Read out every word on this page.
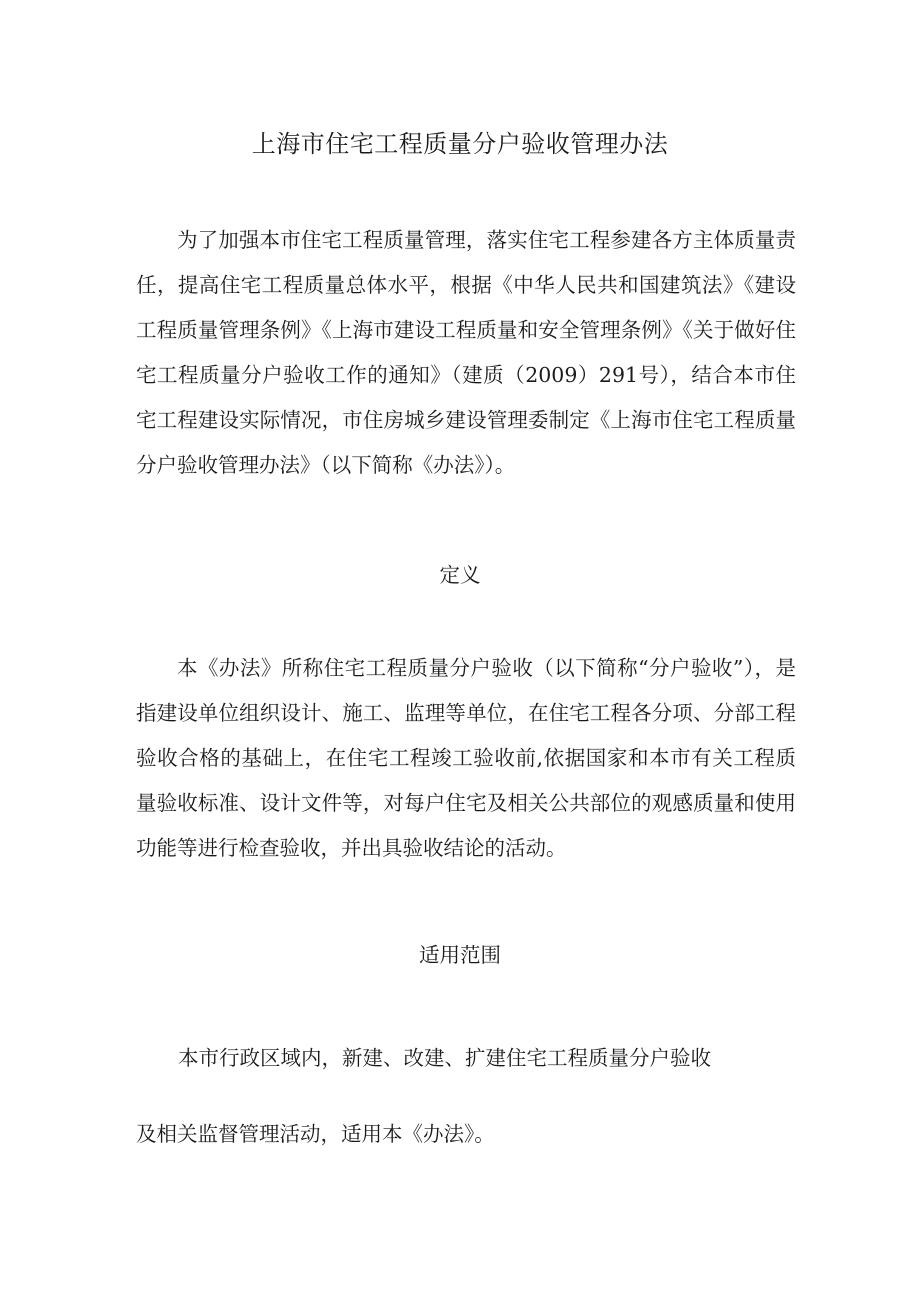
上海市住宅工程质量分户验收管理办法

为了加强本市住宅工程质量管理，落实住宅工程参建各方主体质量责任，提高住宅工程质量总体水平，根据《中华人民共和国建筑法》《建设工程质量管理条例》《上海市建设工程质量和安全管理条例》《关于做好住宅工程质量分户验收工作的通知》（建质（2009）291号），结合本市住宅工程建设实际情况，市住房城乡建设管理委制定《上海市住宅工程质量分户验收管理办法》（以下简称《办法》）。

定义

本《办法》所称住宅工程质量分户验收（以下简称“分户验收”），是指建设单位组织设计、施工、监理等单位，在住宅工程各分项、分部工程验收合格的基础上，在住宅工程竣工验收前,依据国家和本市有关工程质量验收标准、设计文件等，对每户住宅及相关公共部位的观感质量和使用功能等进行检查验收，并出具验收结论的活动。

适用范围

本市行政区域内，新建、改建、扩建住宅工程质量分户验收

及相关监督管理活动，适用本《办法》。
